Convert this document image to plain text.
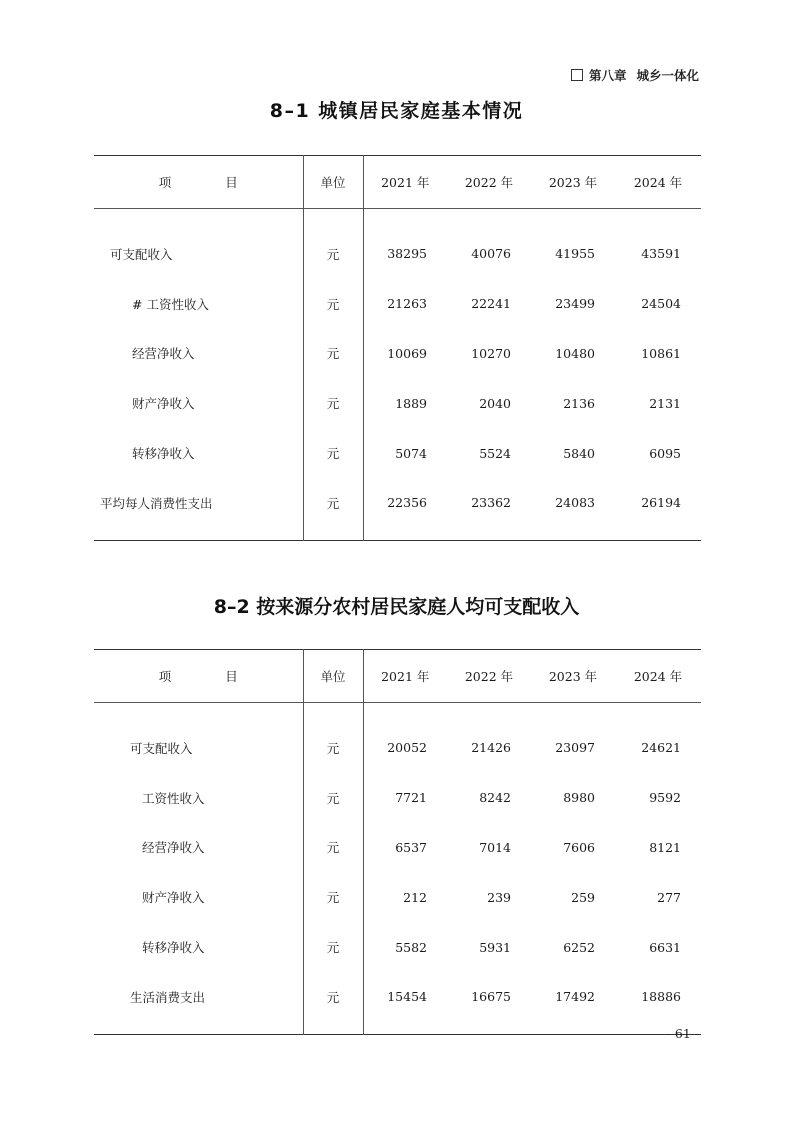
第八章 城乡一体化
8–1 城镇居民家庭基本情况
项 目	单位	2021 年	2022 年	2023 年	2024 年
可支配收入	元	38295	40076	41955	43591
# 工资性收入	元	21263	22241	23499	24504
经营净收入	元	10069	10270	10480	10861
财产净收入	元	1889	2040	2136	2131
转移净收入	元	5074	5524	5840	6095
平均每人消费性支出	元	22356	23362	24083	26194
8–2 按来源分农村居民家庭人均可支配收入
项 目	单位	2021 年	2022 年	2023 年	2024 年
可支配收入	元	20052	21426	23097	24621
工资性收入	元	7721	8242	8980	9592
经营净收入	元	6537	7014	7606	8121
财产净收入	元	212	239	259	277
转移净收入	元	5582	5931	6252	6631
生活消费支出	元	15454	16675	17492	18886
- 61 -
